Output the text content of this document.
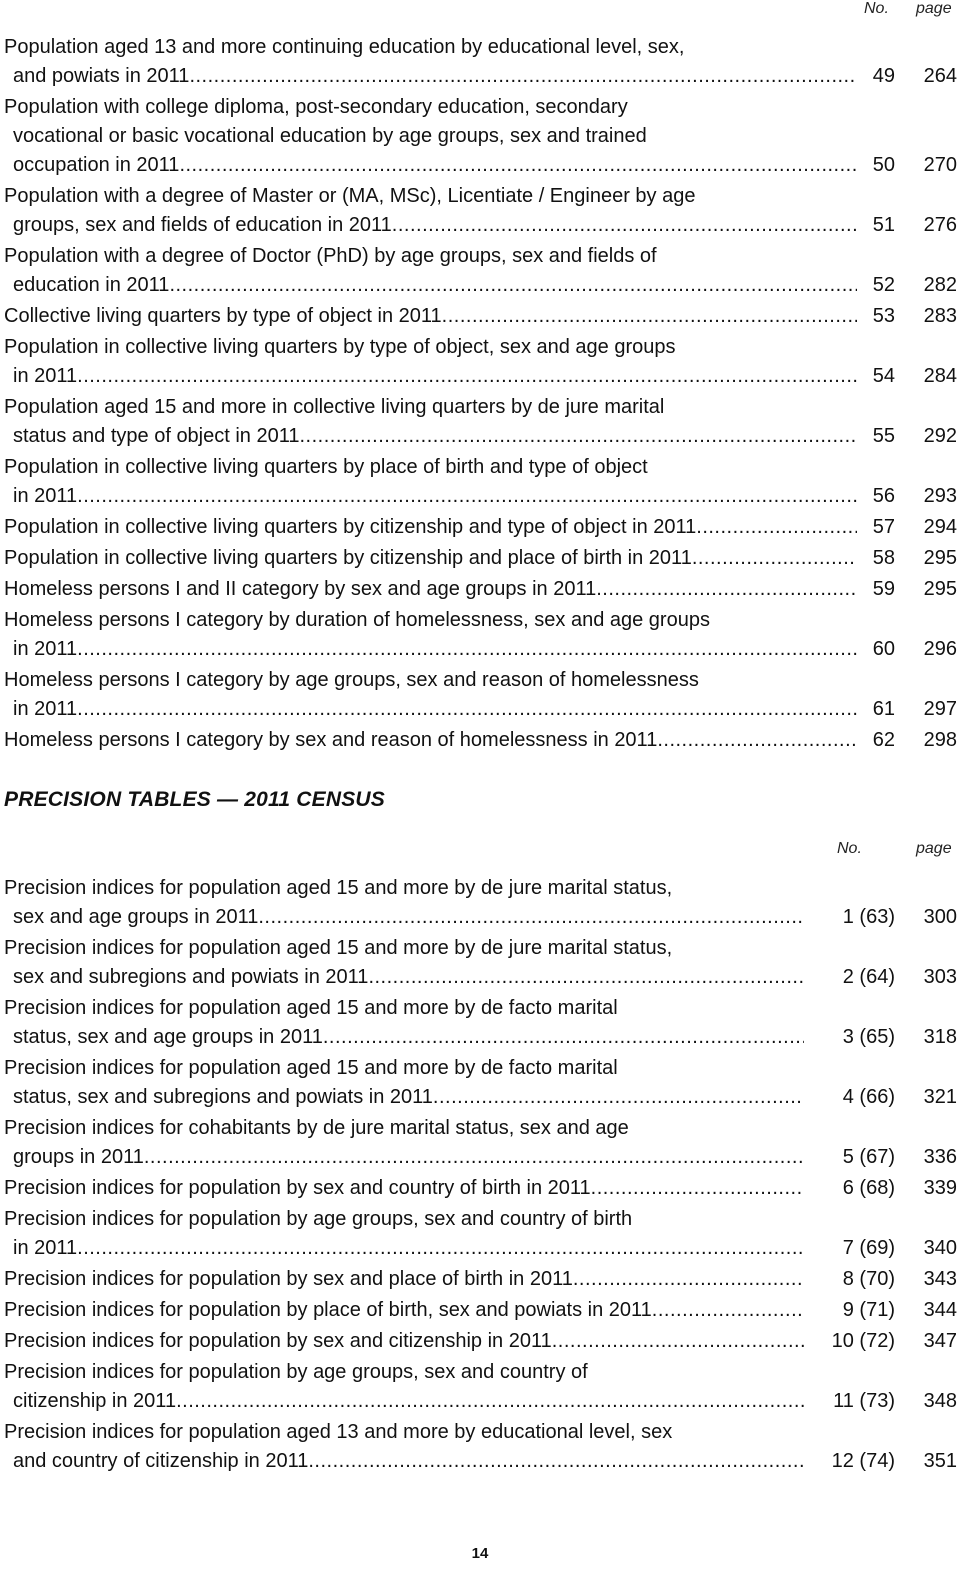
No. page
Population aged 13 and more continuing education by educational level, sex,
and powiats in 2011 .....	49 264
Population with college diploma, post-secondary education, secondary
vocational or basic vocational education by age groups, sex and trained
occupation in 2011 .....	50 270
Population with a degree of Master or (MA, MSc), Licentiate / Engineer by age
groups, sex and fields of education in 2011 .....	51 276
Population with a degree of Doctor (PhD) by age groups, sex and fields of
education in 2011 .....	52 282
Collective living quarters by type of object in 2011 .....	53 283
Population in collective living quarters by type of object, sex and age groups
in 2011 .....	54 284
Population aged 15 and more in collective living quarters by de jure marital
status and type of object in 2011 .....	55 292
Population in collective living quarters by place of birth and type of object
in 2011 .....	56 293
Population in collective living quarters by citizenship and type of object in 2011 .....	57 294
Population in collective living quarters by citizenship and place of birth in 2011 .....	58 295
Homeless persons I and II category by sex and age groups in 2011 .....	59 295
Homeless persons I category by duration of homelessness, sex and age groups
in 2011 .....	60 296
Homeless persons I category by age groups, sex and reason of homelessness
in 2011 .....	61 297
Homeless persons I category by sex and reason of homelessness in 2011 .....	62 298
PRECISION TABLES — 2011 CENSUS
No.	page
Precision indices for population aged 15 and more by de jure marital status,
sex and age groups in 2011 .....	1 (63) 300
Precision indices for population aged 15 and more by de jure marital status,
sex and subregions and powiats in 2011 .....	2 (64) 303
Precision indices for population aged 15 and more by de facto marital
status, sex and age groups in 2011 .....	3 (65) 318
Precision indices for population aged 15 and more by de facto marital
status, sex and subregions and powiats in 2011 .....	4 (66) 321
Precision indices for cohabitants by de jure marital status, sex and age
groups in 2011 .....	5 (67) 336
Precision indices for population by sex and country of birth in 2011 .....	6 (68) 339
Precision indices for population by age groups, sex and country of birth
in 2011 .....	7 (69) 340
Precision indices for population by sex and place of birth in 2011 .....	8 (70) 343
Precision indices for population by place of birth, sex and powiats in 2011 .....	9 (71) 344
Precision indices for population by sex and citizenship in 2011 .....	10 (72) 347
Precision indices for population by age groups, sex and country of
citizenship in 2011 .....	11 (73) 348
Precision indices for population aged 13 and more by educational level, sex
and country of citizenship in 2011 .....	12 (74) 351
14
